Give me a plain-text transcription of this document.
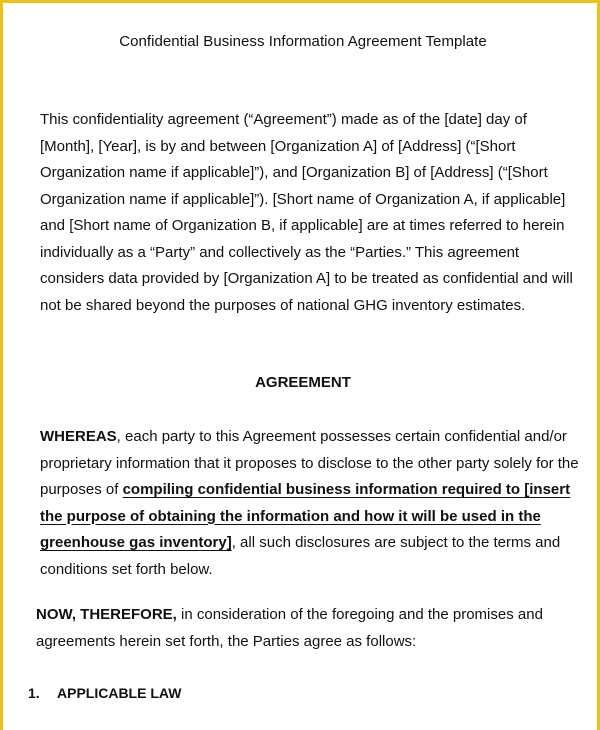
Confidential Business Information Agreement Template

This confidentiality agreement (“Agreement”) made as of the [date] day of [Month], [Year], is by and between [Organization A] of [Address] (“[Short Organization name if applicable]”), and [Organization B] of [Address] (“[Short Organization name if applicable]”). [Short name of Organization A, if applicable] and [Short name of Organization B, if applicable] are at times referred to herein individually as a “Party” and collectively as the “Parties.” This agreement considers data provided by [Organization A] to be treated as confidential and will not be shared beyond the purposes of national GHG inventory estimates.

AGREEMENT

WHEREAS, each party to this Agreement possesses certain confidential and/or proprietary information that it proposes to disclose to the other party solely for the purposes of compiling confidential business information required to [insert the purpose of obtaining the information and how it will be used in the greenhouse gas inventory], all such disclosures are subject to the terms and conditions set forth below.

NOW, THEREFORE, in consideration of the foregoing and the promises and agreements herein set forth, the Parties agree as follows:

1. APPLICABLE LAW
